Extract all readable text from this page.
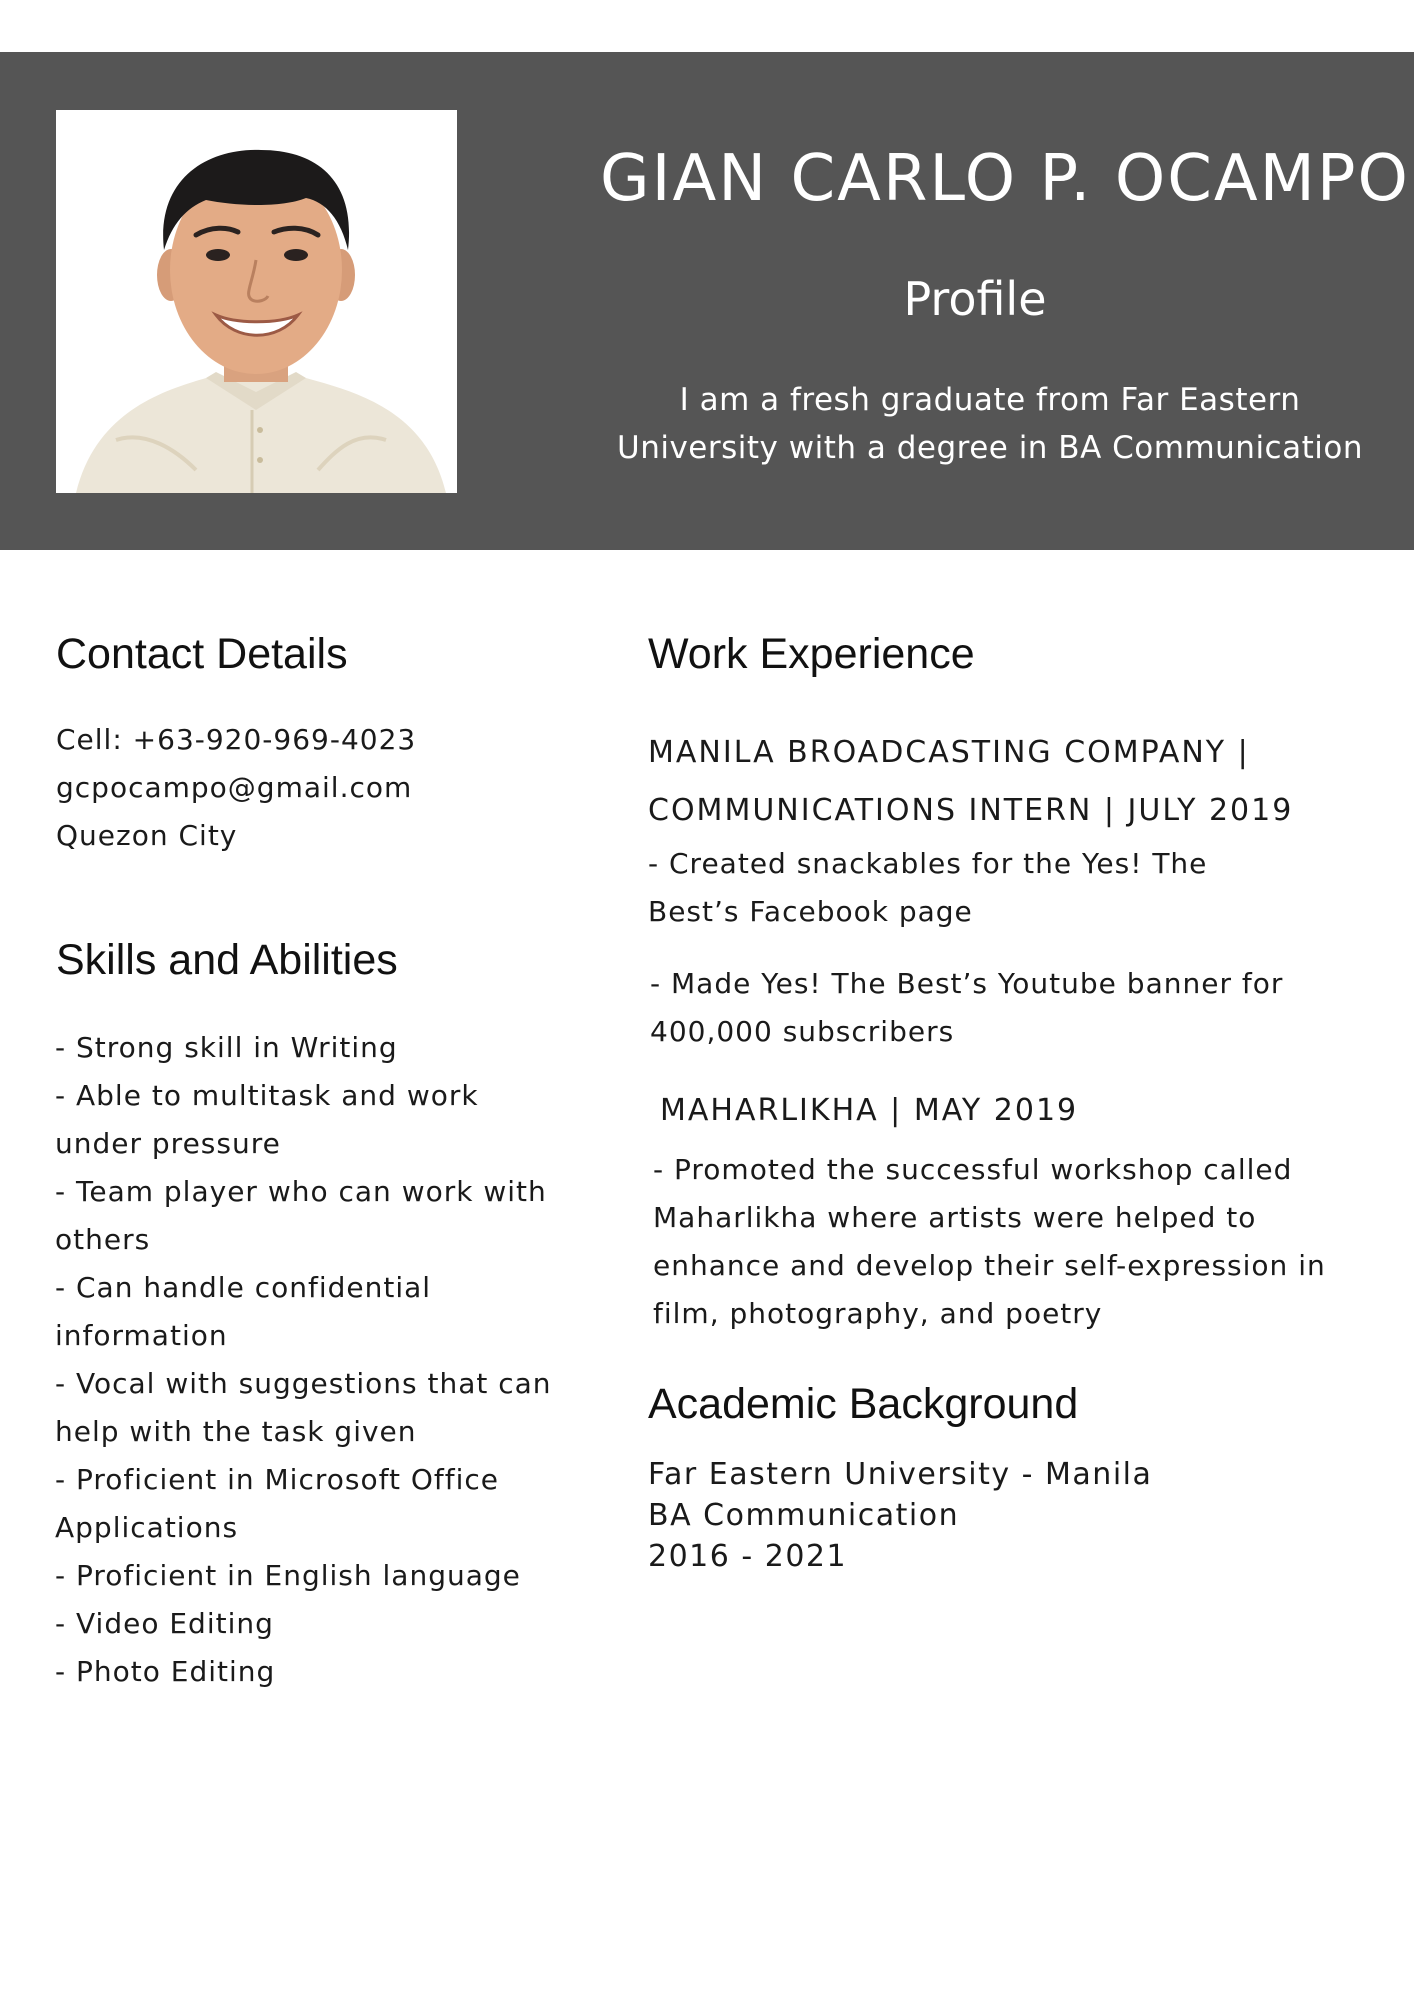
GIAN CARLO P. OCAMPO
Profile
I am a fresh graduate from Far Eastern University with a degree in BA Communication
Contact Details
Cell: +63-920-969-4023
gcpocampo@gmail.com
Quezon City
Skills and Abilities
- Strong skill in Writing
- Able to multitask and work under pressure
- Team player who can work with others
- Can handle confidential information
- Vocal with suggestions that can help with the task given
- Proficient in Microsoft Office Applications
- Proficient in English language
- Video Editing
- Photo Editing
Work Experience
MANILA BROADCASTING COMPANY | COMMUNICATIONS INTERN | JULY 2019
- Created snackables for the Yes! The Best’s Facebook page
- Made Yes! The Best’s Youtube banner for 400,000 subscribers
MAHARLIKHA | MAY 2019
- Promoted the successful workshop called Maharlikha where artists were helped to enhance and develop their self-expression in film, photography, and poetry
Academic Background
Far Eastern University - Manila
BA Communication
2016 - 2021
